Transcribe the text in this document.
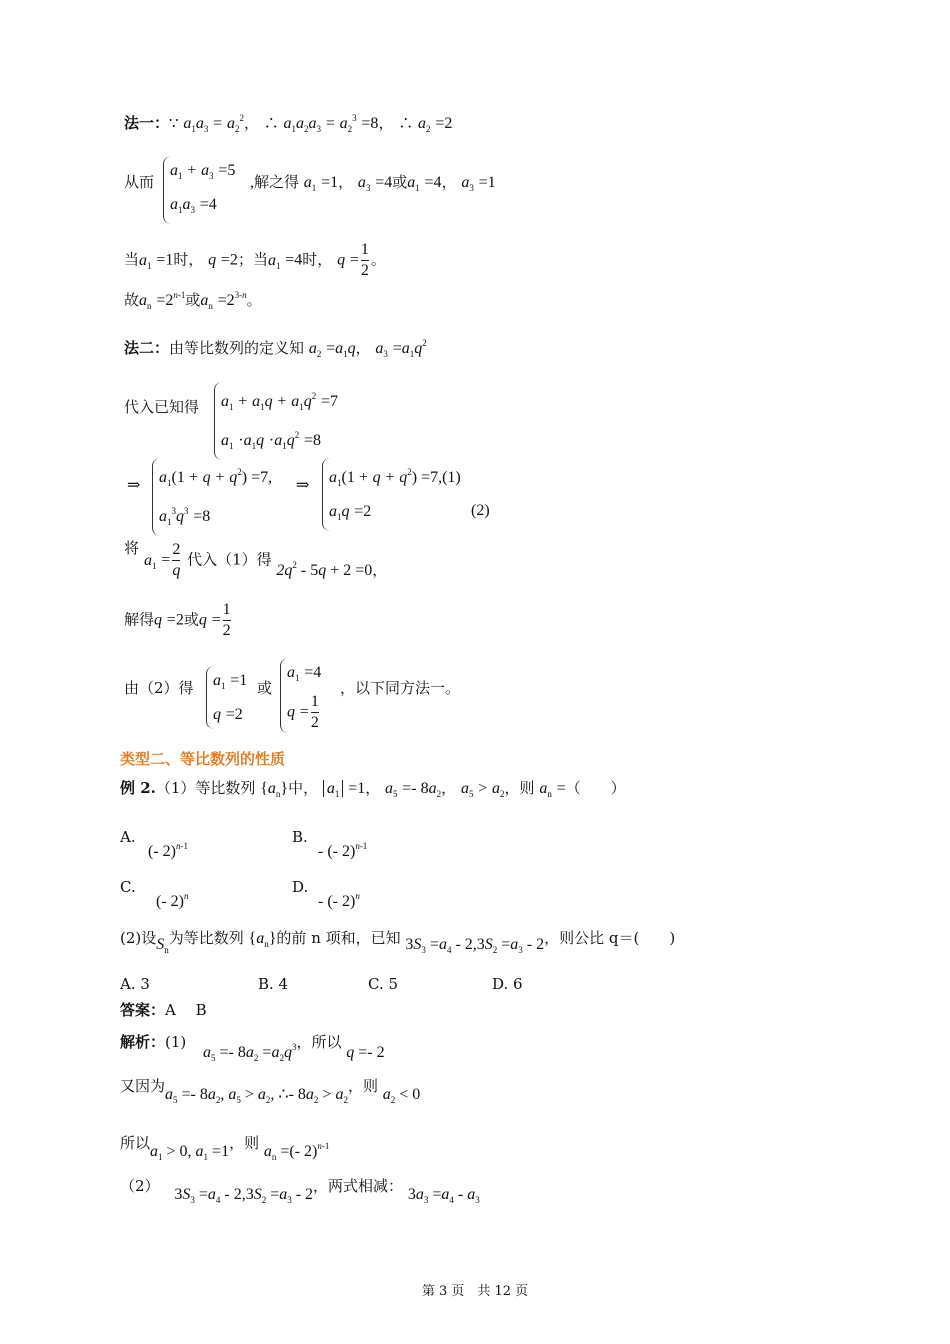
法一：∵ $a_1a_3 = a_2^2$， ∴ $a_1a_2a_3 = a_2^3 =8$， ∴ $a_2 =2$
从而
$a_1 + a_3 =5$
$a_1a_3 =4$
,解之得 $a_1 =1$， $a_3 =4$或$a_1 =4$， $a_3 =1$
当$a_1 =1$时， q =2；当$a_1 =4$时， $q = \frac{1}{2}$ 。
故$a_n =2^{n-1}$或$a_n =2^{3-n}$。
法二：由等比数列的定义知 $a_2 =a_1q$， $a_3 =a_1q^2$
代入已知得 $a_1 + a_1q + a_1q^2 =7$
$a_1 \cdot a_1q \cdot a_1q^2 =8$
⇒ $a_1(1 + q + q^2) =7$,
$a_1^3q^3 =8$
⇒ $a_1(1 + q + q^2) =7,(1)$
$a_1q =2$	(2)
将
$a_1 = \frac{2}{q}$ 代入（1）得 $2q^2 - 5q + 2 =0$，
解得q =2或$q = \frac{1}{2}$
由（2）得 $a_1 =1$
q =2
或
$a_1 =4$
$q = \frac{1}{2}$
，以下同方法一。
类型二、等比数列的性质
例 2.（1）等比数列 $\{a_n\}$中， $a_1 =1$， $a_5 =- 8a_2$， $a_5 > a_2$，则 $a_n$ =（　　）
A.
(- 2)$^{n-1}$	B.
- (- 2)$^{n-1}$
C.
(- 2)$^n$	D.
- (- 2)$^n$
(2)设$S_n$为等比数列 $\{a_n\}$的前 n 项和，已知 $3S_3 =a_4 - 2,3S_2 =a_3 - 2$，则公比 q＝(　　)
A. 3	B. 4	C. 5	D. 6
答案：A　 B
解析：(1) $a_5 =- 8a_2 =a_2q^3$，所以 q =- 2
又因为$a_5 =- 8a_2$, $a_5 > a_2$, ∴- $8a_2 > a_2$，则 $a_2 < 0$
所以$a_1 > 0$, $a_1 =1$，则 $a_n$ =(- 2)$^{n-1}$
（2） $3S_3 =a_4 - 2,3S_2 =a_3 - 2$，两式相减： $3a_3 =a_4 - a_3$
第 3 页　共 12 页
